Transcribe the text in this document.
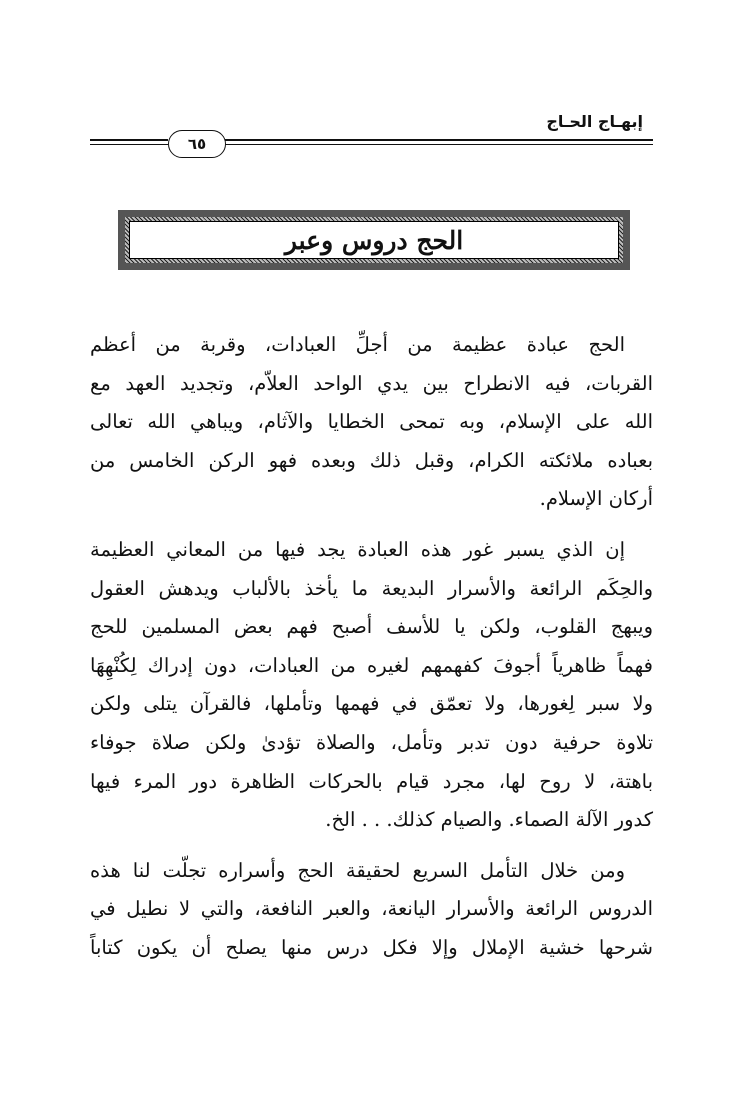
إبهـاج الحـاج
٦٥
الحج دروس وعبر
الحج عبادة عظيمة من أجلِّ العبادات، وقربة من أعظم
القربات، فيه الانطراح بين يدي الواحد العلاّم، وتجديد العهد مع
الله على الإسلام، وبه تمحى الخطايا والآثام، ويباهي الله تعالى
بعباده ملائكته الكرام، وقبل ذلك وبعده فهو الركن الخامس من
أركان الإسلام.
إن الذي يسبر غور هذه العبادة يجد فيها من المعاني العظيمة
والحِكَم الرائعة والأسرار البديعة ما يأخذ بالألباب ويدهش العقول
ويبهج القلوب، ولكن يا للأسف أصبح فهم بعض المسلمين للحج
فهماً ظاهرياً أجوفَ كفهمهم لغيره من العبادات، دون إدراك لِكُنْهِهَا
ولا سبر لِغورها، ولا تعمّق في فهمها وتأملها، فالقرآن يتلى ولكن
تلاوة حرفية دون تدبر وتأمل، والصلاة تؤدىٰ ولكن صلاة جوفاء
باهتة، لا روح لها، مجرد قيام بالحركات الظاهرة دور المرء فيها
كدور الآلة الصماء. والصيام كذلك. . . الخ.
ومن خلال التأمل السريع لحقيقة الحج وأسراره تجلّت لنا هذه
الدروس الرائعة والأسرار اليانعة، والعبر النافعة، والتي لا نطيل في
شرحها خشية الإملال وإلا فكل درس منها يصلح أن يكون كتاباً
